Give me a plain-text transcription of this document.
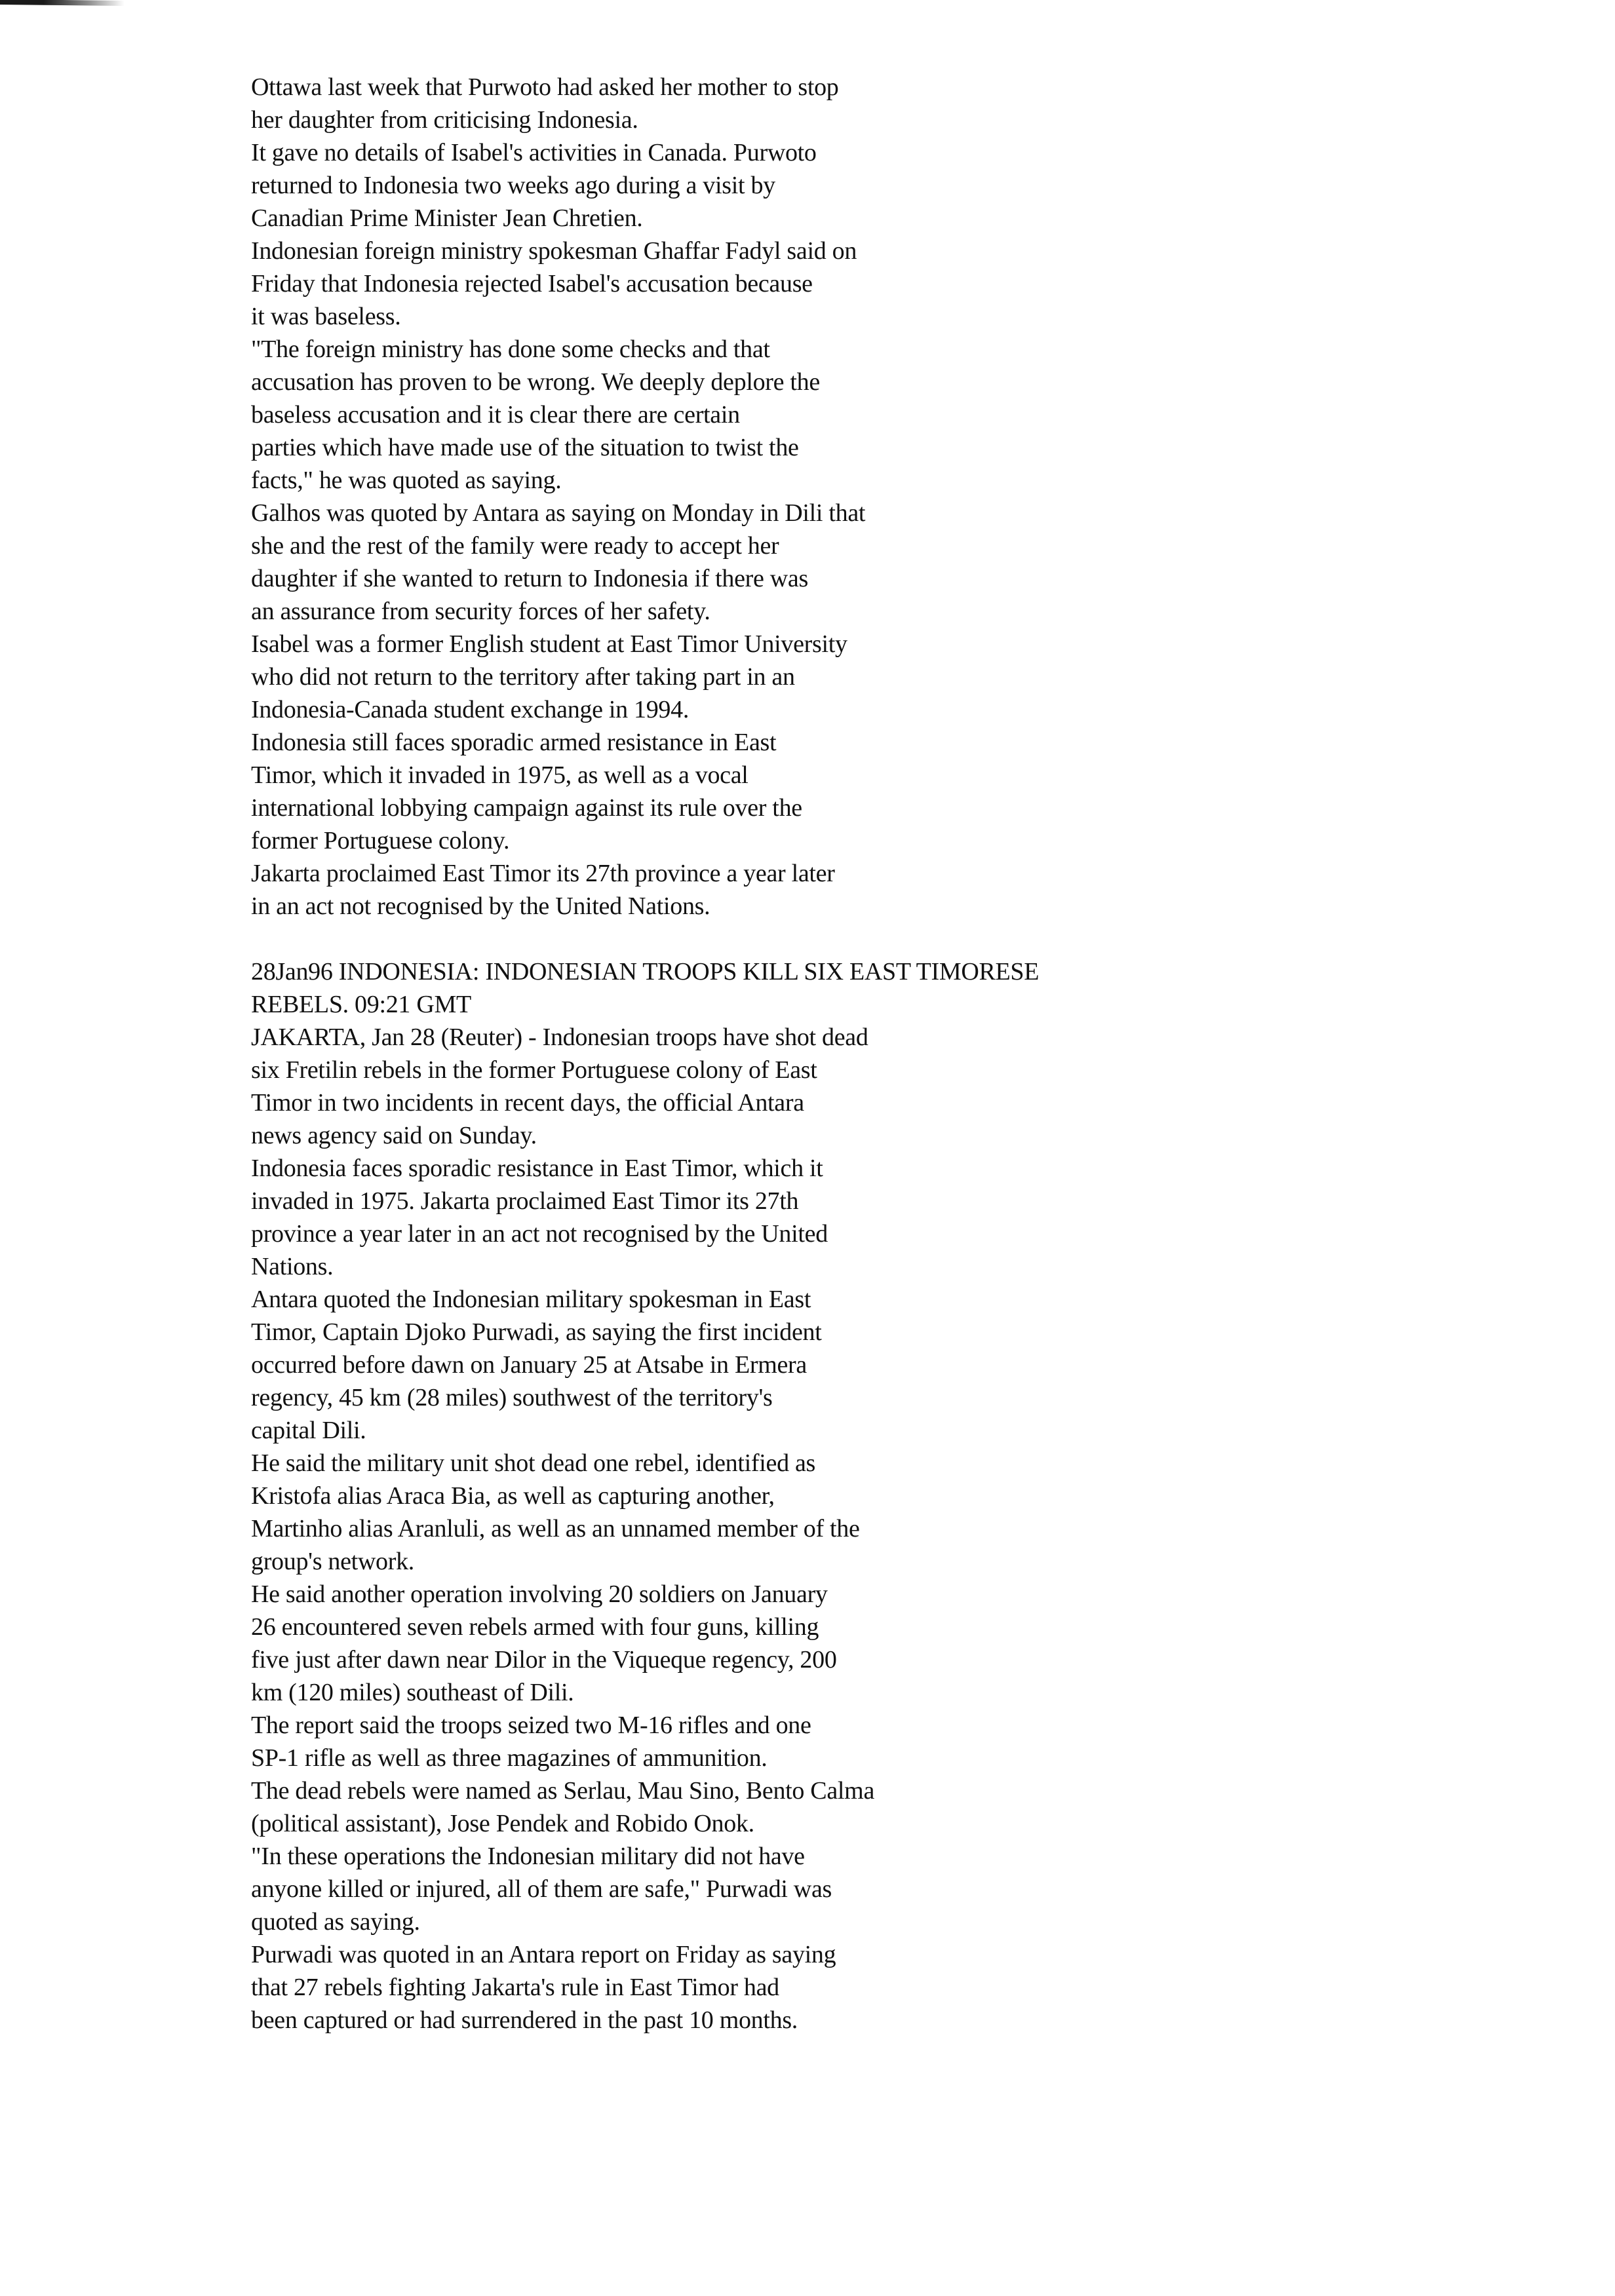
Ottawa last week that Purwoto had asked her mother to stop
her daughter from criticising Indonesia.
It gave no details of Isabel's activities in Canada. Purwoto
returned to Indonesia two weeks ago during a visit by
Canadian Prime Minister Jean Chretien.
Indonesian foreign ministry spokesman Ghaffar Fadyl said on
Friday that Indonesia rejected Isabel's accusation because
it was baseless.
"The foreign ministry has done some checks and that
accusation has proven to be wrong. We deeply deplore the
baseless accusation and it is clear there are certain
parties which have made use of the situation to twist the
facts," he was quoted as saying.
Galhos was quoted by Antara as saying on Monday in Dili that
she and the rest of the family were ready to accept her
daughter if she wanted to return to Indonesia if there was
an assurance from security forces of her safety.
Isabel was a former English student at East Timor University
who did not return to the territory after taking part in an
Indonesia-Canada student exchange in 1994.
Indonesia still faces sporadic armed resistance in East
Timor, which it invaded in 1975, as well as a vocal
international lobbying campaign against its rule over the
former Portuguese colony.
Jakarta proclaimed East Timor its 27th province a year later
in an act not recognised by the United Nations.
28Jan96 INDONESIA: INDONESIAN TROOPS KILL SIX EAST TIMORESE
REBELS. 09:21 GMT
JAKARTA, Jan 28 (Reuter) - Indonesian troops have shot dead
six Fretilin rebels in the former Portuguese colony of East
Timor in two incidents in recent days, the official Antara
news agency said on Sunday.
Indonesia faces sporadic resistance in East Timor, which it
invaded in 1975. Jakarta proclaimed East Timor its 27th
province a year later in an act not recognised by the United
Nations.
Antara quoted the Indonesian military spokesman in East
Timor, Captain Djoko Purwadi, as saying the first incident
occurred before dawn on January 25 at Atsabe in Ermera
regency, 45 km (28 miles) southwest of the territory's
capital Dili.
He said the military unit shot dead one rebel, identified as
Kristofa alias Araca Bia, as well as capturing another,
Martinho alias Aranluli, as well as an unnamed member of the
group's network.
He said another operation involving 20 soldiers on January
26 encountered seven rebels armed with four guns, killing
five just after dawn near Dilor in the Viqueque regency, 200
km (120 miles) southeast of Dili.
The report said the troops seized two M-16 rifles and one
SP-1 rifle as well as three magazines of ammunition.
The dead rebels were named as Serlau, Mau Sino, Bento Calma
(political assistant), Jose Pendek and Robido Onok.
"In these operations the Indonesian military did not have
anyone killed or injured, all of them are safe," Purwadi was
quoted as saying.
Purwadi was quoted in an Antara report on Friday as saying
that 27 rebels fighting Jakarta's rule in East Timor had
been captured or had surrendered in the past 10 months.
